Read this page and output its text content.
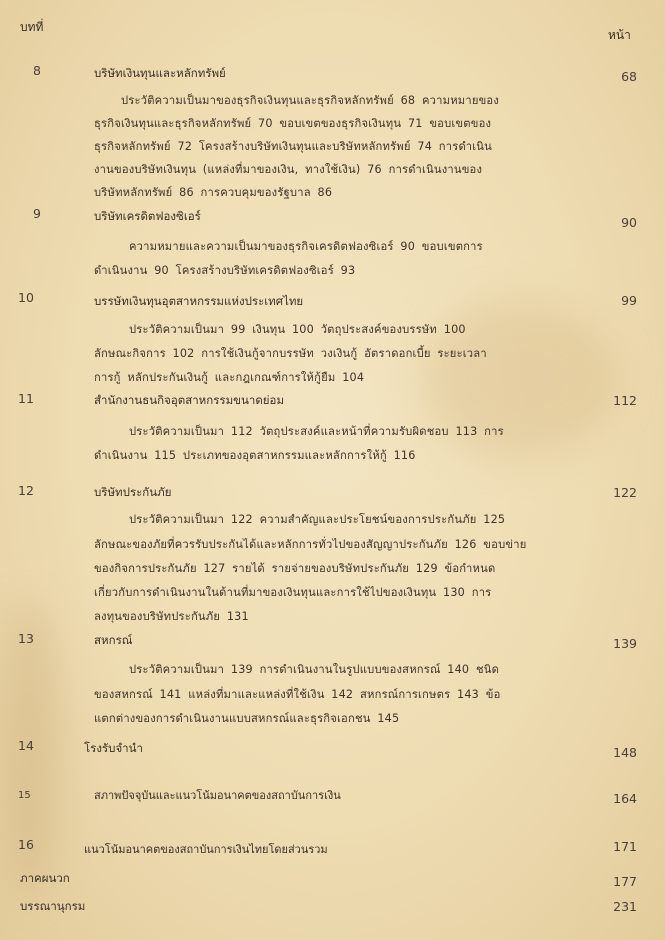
บทที่
หน้า
8	บริษัทเงินทุนและหลักทรัพย์	68
ประวัติความเป็นมาของธุรกิจเงินทุนและธุรกิจหลักทรัพย์ 68 ความหมายของ
ธุรกิจเงินทุนและธุรกิจหลักทรัพย์ 70 ขอบเขตของธุรกิจเงินทุน 71 ขอบเขตของ
ธุรกิจหลักทรัพย์ 72 โครงสร้างบริษัทเงินทุนและบริษัทหลักทรัพย์ 74 การดำเนิน
งานของบริษัทเงินทุน (แหล่งที่มาของเงิน, ทางใช้เงิน) 76 การดำเนินงานของ
บริษัทหลักทรัพย์ 86 การควบคุมของรัฐบาล 86
9	บริษัทเครดิตฟองซิเอร์	90
ความหมายและความเป็นมาของธุรกิจเครดิตฟองซิเอร์ 90 ขอบเขตการ
ดำเนินงาน 90 โครงสร้างบริษัทเครดิตฟองซิเอร์ 93
10	บรรษัทเงินทุนอุตสาหกรรมแห่งประเทศไทย	99
ประวัติความเป็นมา 99 เงินทุน 100 วัตถุประสงค์ของบรรษัท 100
ลักษณะกิจการ 102 การใช้เงินกู้จากบรรษัท วงเงินกู้ อัตราดอกเบี้ย ระยะเวลา
การกู้ หลักประกันเงินกู้ และกฎเกณฑ์การให้กู้ยืม 104
11	สำนักงานธนกิจอุตสาหกรรมขนาดย่อม	112
ประวัติความเป็นมา 112 วัตถุประสงค์และหน้าที่ความรับผิดชอบ 113 การ
ดำเนินงาน 115 ประเภทของอุตสาหกรรมและหลักการให้กู้ 116
12	บริษัทประกันภัย	122
ประวัติความเป็นมา 122 ความสำคัญและประโยชน์ของการประกันภัย 125
ลักษณะของภัยที่ควรรับประกันได้และหลักการทั่วไปของสัญญาประกันภัย 126 ขอบข่าย
ของกิจการประกันภัย 127 รายได้ รายจ่ายของบริษัทประกันภัย 129 ข้อกำหนด
เกี่ยวกับการดำเนินงานในด้านที่มาของเงินทุนและการใช้ไปของเงินทุน 130 การ
ลงทุนของบริษัทประกันภัย 131
13	สหกรณ์	139
ประวัติความเป็นมา 139 การดำเนินงานในรูปแบบของสหกรณ์ 140 ชนิด
ของสหกรณ์ 141 แหล่งที่มาและแหล่งที่ใช้เงิน 142 สหกรณ์การเกษตร 143 ข้อ
แตกต่างของการดำเนินงานแบบสหกรณ์และธุรกิจเอกชน 145
14	โรงรับจำนำ	148
15	สภาพปัจจุบันและแนวโน้มอนาคตของสถาบันการเงิน	164
16	แนวโน้มอนาคตของสถาบันการเงินไทยโดยส่วนรวม	171
ภาคผนวก	177
บรรณานุกรม	231
